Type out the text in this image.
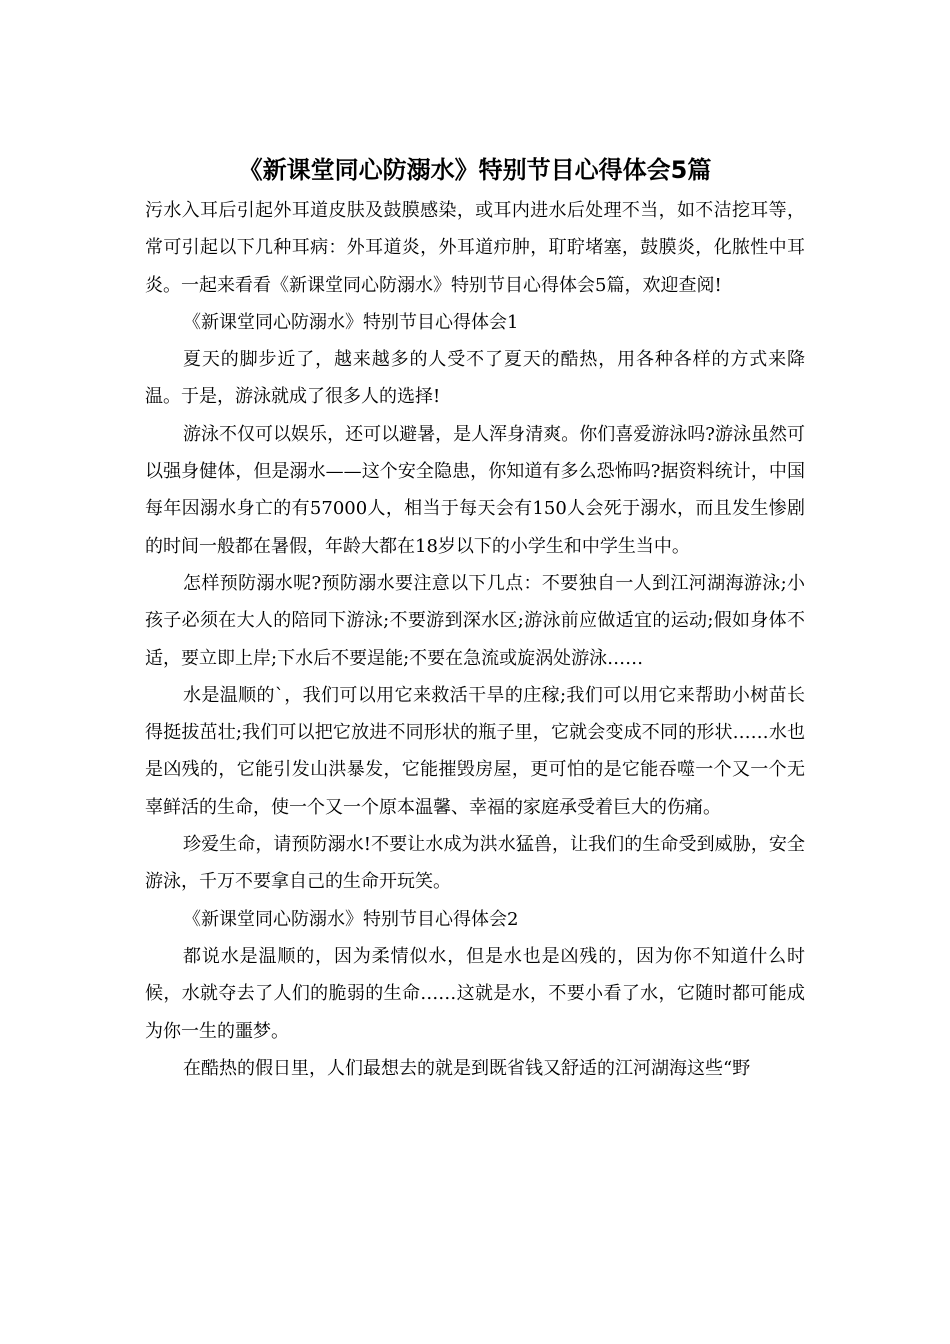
《新课堂同心防溺水》特别节目心得体会5篇

污水入耳后引起外耳道皮肤及鼓膜感染，或耳内进水后处理不当，如不洁挖耳等，常可引起以下几种耳病：外耳道炎，外耳道疖肿，耵聍堵塞，鼓膜炎，化脓性中耳炎。一起来看看《新课堂同心防溺水》特别节目心得体会5篇，欢迎查阅!

《新课堂同心防溺水》特别节目心得体会1

夏天的脚步近了，越来越多的人受不了夏天的酷热，用各种各样的方式来降温。于是，游泳就成了很多人的选择!

游泳不仅可以娱乐，还可以避暑，是人浑身清爽。你们喜爱游泳吗?游泳虽然可以强身健体，但是溺水——这个安全隐患，你知道有多么恐怖吗?据资料统计，中国每年因溺水身亡的有57000人，相当于每天会有150人会死于溺水，而且发生惨剧的时间一般都在暑假，年龄大都在18岁以下的小学生和中学生当中。

怎样预防溺水呢?预防溺水要注意以下几点：不要独自一人到江河湖海游泳;小孩子必须在大人的陪同下游泳;不要游到深水区;游泳前应做适宜的运动;假如身体不适，要立即上岸;下水后不要逞能;不要在急流或旋涡处游泳……

水是温顺的`，我们可以用它来救活干旱的庄稼;我们可以用它来帮助小树苗长得挺拔茁壮;我们可以把它放进不同形状的瓶子里，它就会变成不同的形状……水也是凶残的，它能引发山洪暴发，它能摧毁房屋，更可怕的是它能吞噬一个又一个无辜鲜活的生命，使一个又一个原本温馨、幸福的家庭承受着巨大的伤痛。

珍爱生命，请预防溺水!不要让水成为洪水猛兽，让我们的生命受到威胁，安全游泳，千万不要拿自己的生命开玩笑。

《新课堂同心防溺水》特别节目心得体会2

都说水是温顺的，因为柔情似水，但是水也是凶残的，因为你不知道什么时候，水就夺去了人们的脆弱的生命……这就是水，不要小看了水，它随时都可能成为你一生的噩梦。

在酷热的假日里，人们最想去的就是到既省钱又舒适的江河湖海这些“野
